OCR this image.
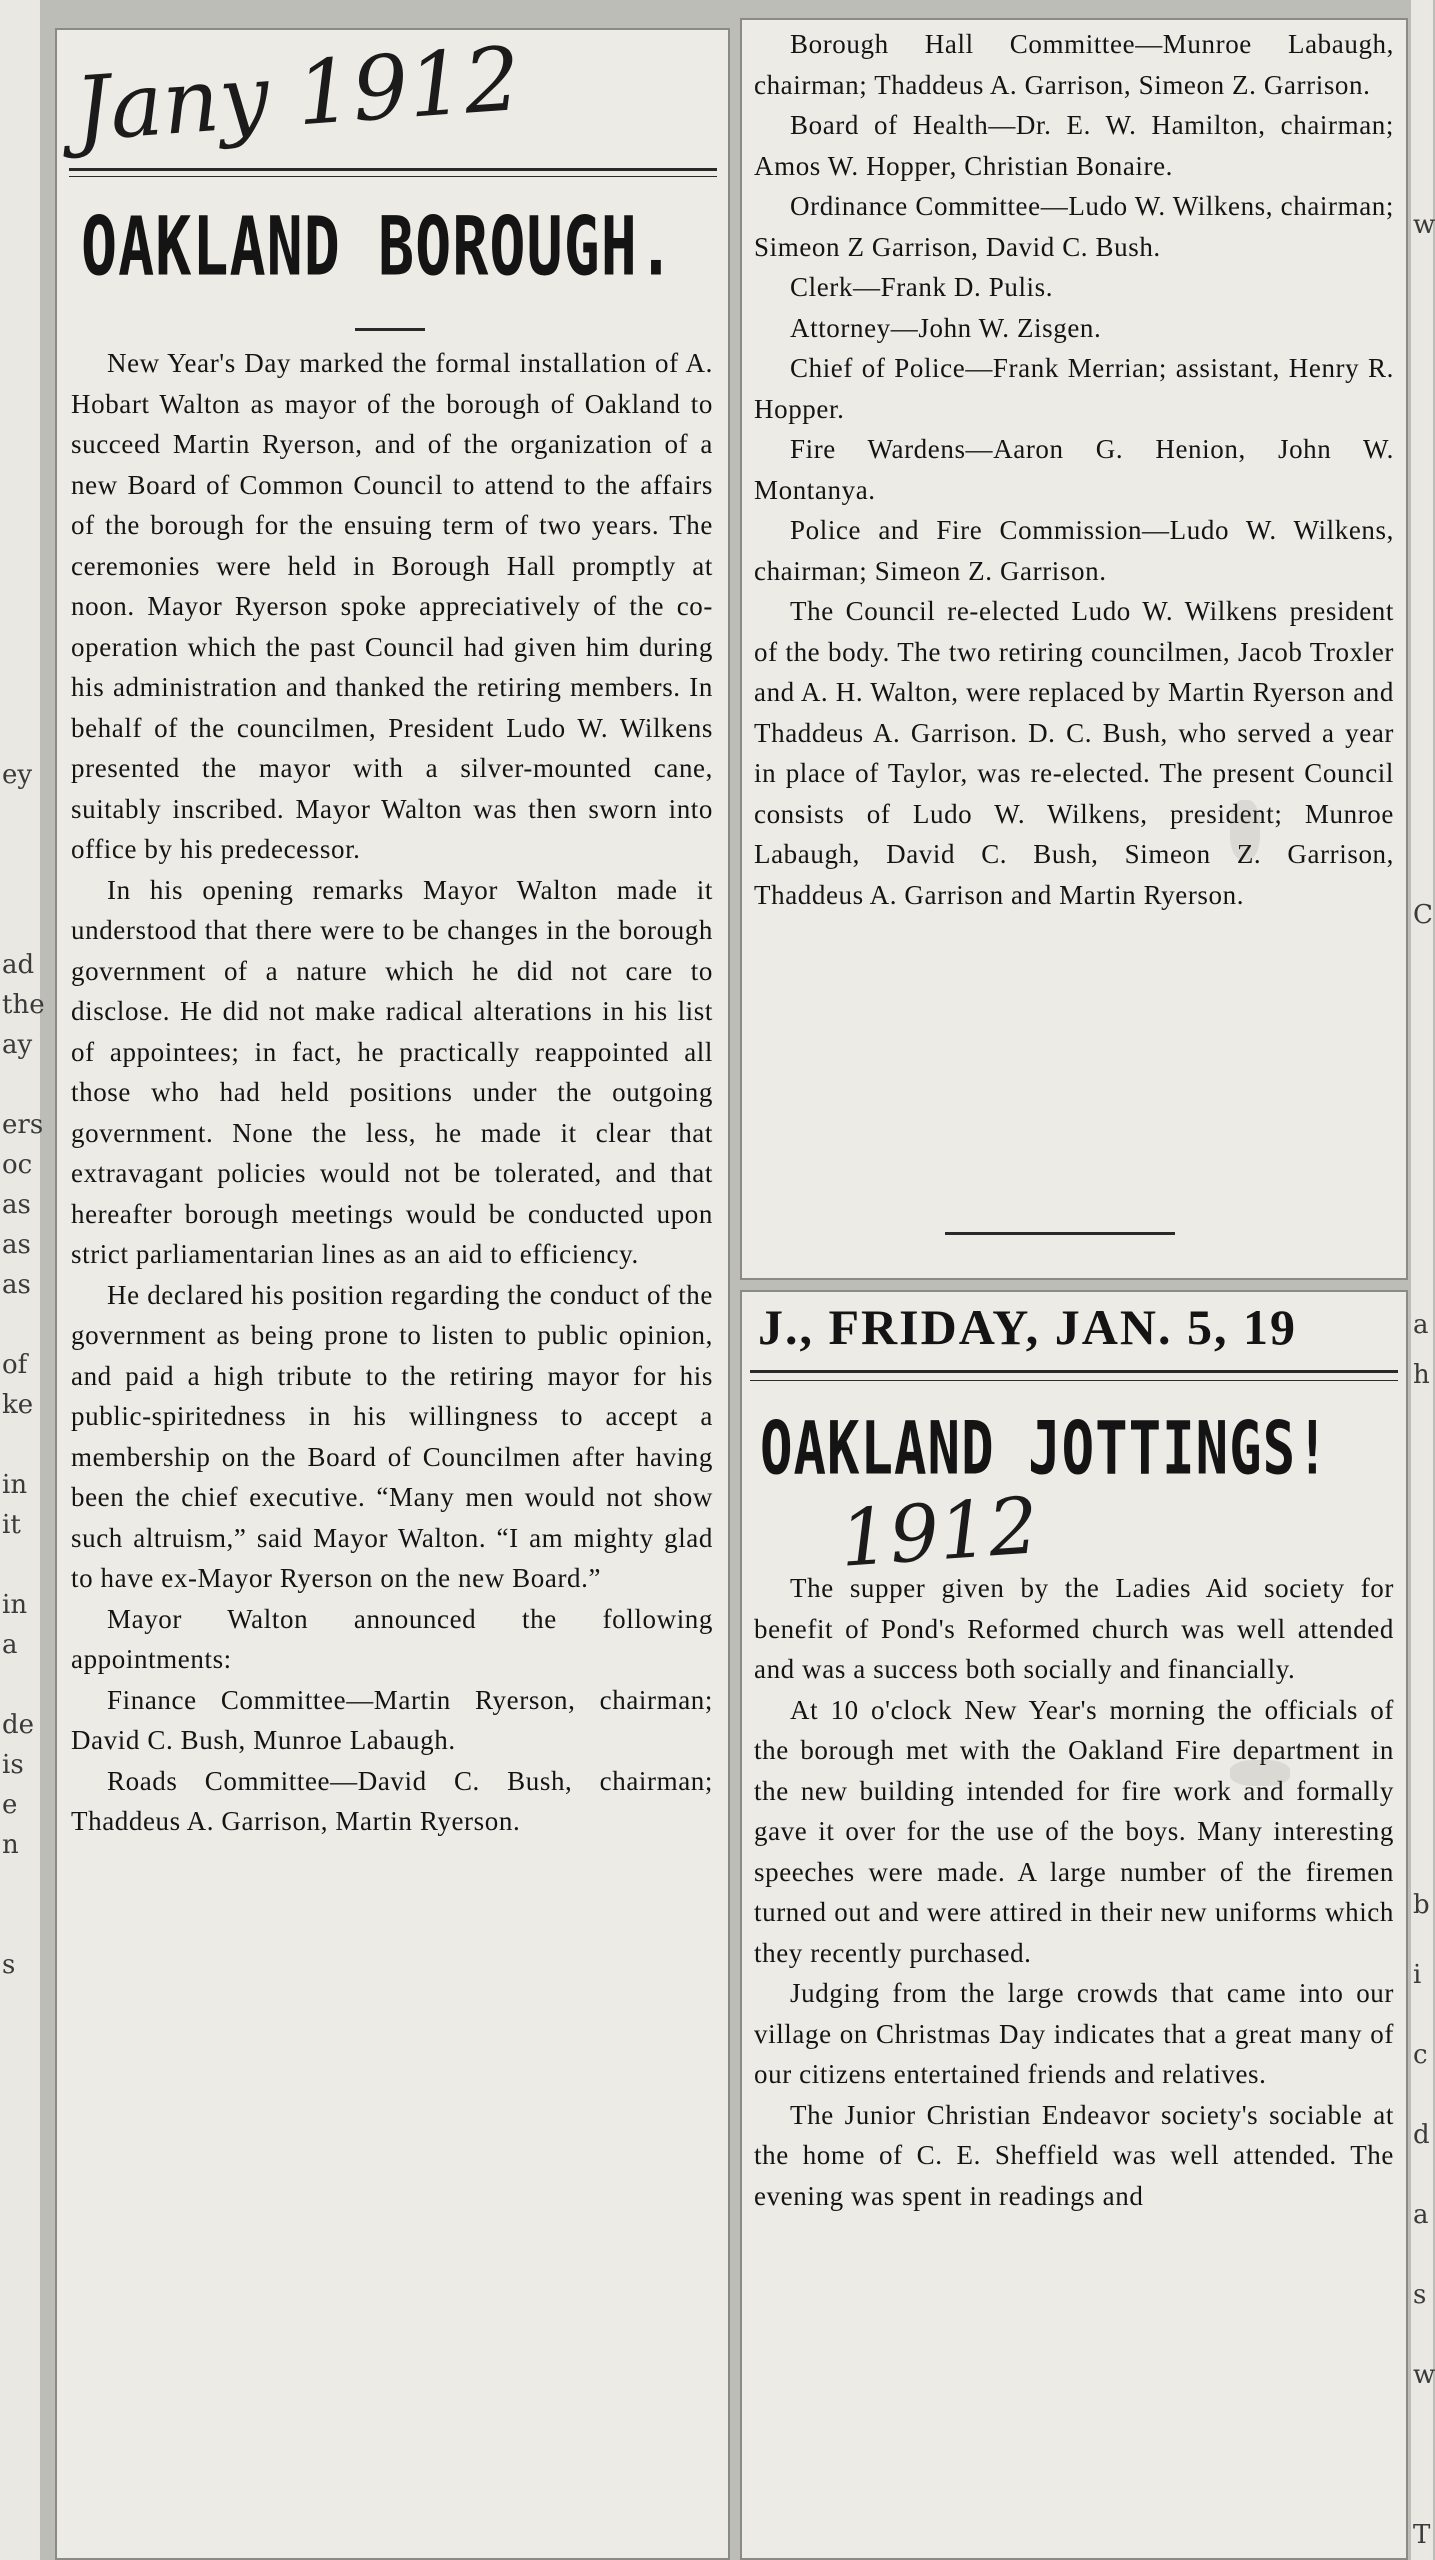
ey
ad
the
ay
ers
oc
as
as
as
of
ke
in
it
in
a
de
is
e
n
s
w
C
a
h
T
b
i
c
d
a
s
w
Jany 1912
OAKLAND BOROUGH.

New Year's Day marked the formal installation of A. Hobart Walton as mayor of the borough of Oakland to succeed Martin Ryerson, and of the organization of a new Board of Common Council to attend to the affairs of the borough for the ensuing term of two years. The ceremonies were held in Borough Hall promptly at noon. Mayor Ryerson spoke appreciatively of the co-operation which the past Council had given him during his administration and thanked the retiring members. In behalf of the councilmen, President Ludo W. Wilkens presented the mayor with a silver-mounted cane, suitably inscribed. Mayor Walton was then sworn into office by his predecessor.

In his opening remarks Mayor Walton made it understood that there were to be changes in the borough government of a nature which he did not care to disclose. He did not make radical alterations in his list of appointees; in fact, he practically reappointed all those who had held positions under the outgoing government. None the less, he made it clear that extravagant policies would not be tolerated, and that hereafter borough meetings would be conducted upon strict parliamentarian lines as an aid to efficiency.

He declared his position regarding the conduct of the government as being prone to listen to public opinion, and paid a high tribute to the retiring mayor for his public-spiritedness in his willingness to accept a membership on the Board of Councilmen after having been the chief executive. “Many men would not show such altruism,” said Mayor Walton. “I am mighty glad to have ex-Mayor Ryerson on the new Board.”

Mayor Walton announced the following appointments:

Finance Committee—Martin Ryerson, chairman; David C. Bush, Munroe Labaugh.

Roads Committee—David C. Bush, chairman; Thaddeus A. Garrison, Martin Ryerson.

Borough Hall Committee—Munroe Labaugh, chairman; Thaddeus A. Garrison, Simeon Z. Garrison.

Board of Health—Dr. E. W. Hamilton, chairman; Amos W. Hopper, Christian Bonaire.

Ordinance Committee—Ludo W. Wilkens, chairman; Simeon Z Garrison, David C. Bush.

Clerk—Frank D. Pulis.

Attorney—John W. Zisgen.

Chief of Police—Frank Merrian; assistant, Henry R. Hopper.

Fire Wardens—Aaron G. Henion, John W. Montanya.

Police and Fire Commission—Ludo W. Wilkens, chairman; Simeon Z. Garrison.

The Council re-elected Ludo W. Wilkens president of the body. The two retiring councilmen, Jacob Troxler and A. H. Walton, were replaced by Martin Ryerson and Thaddeus A. Garrison. D. C. Bush, who served a year in place of Taylor, was re-elected. The present Council consists of Ludo W. Wilkens, president; Munroe Labaugh, David C. Bush, Simeon Z. Garrison, Thaddeus A. Garrison and Martin Ryerson.

J., FRIDAY, JAN. 5, 19
OAKLAND JOTTINGS!
1912

The supper given by the Ladies Aid society for benefit of Pond's Reformed church was well attended and was a success both socially and financially.

At 10 o'clock New Year's morning the officials of the borough met with the Oakland Fire department in the new building intended for fire work and formally gave it over for the use of the boys. Many interesting speeches were made. A large number of the firemen turned out and were attired in their new uniforms which they recently purchased.

Judging from the large crowds that came into our village on Christmas Day indicates that a great many of our citizens entertained friends and relatives.

The Junior Christian Endeavor society's sociable at the home of C. E. Sheffield was well attended. The evening was spent in readings and
